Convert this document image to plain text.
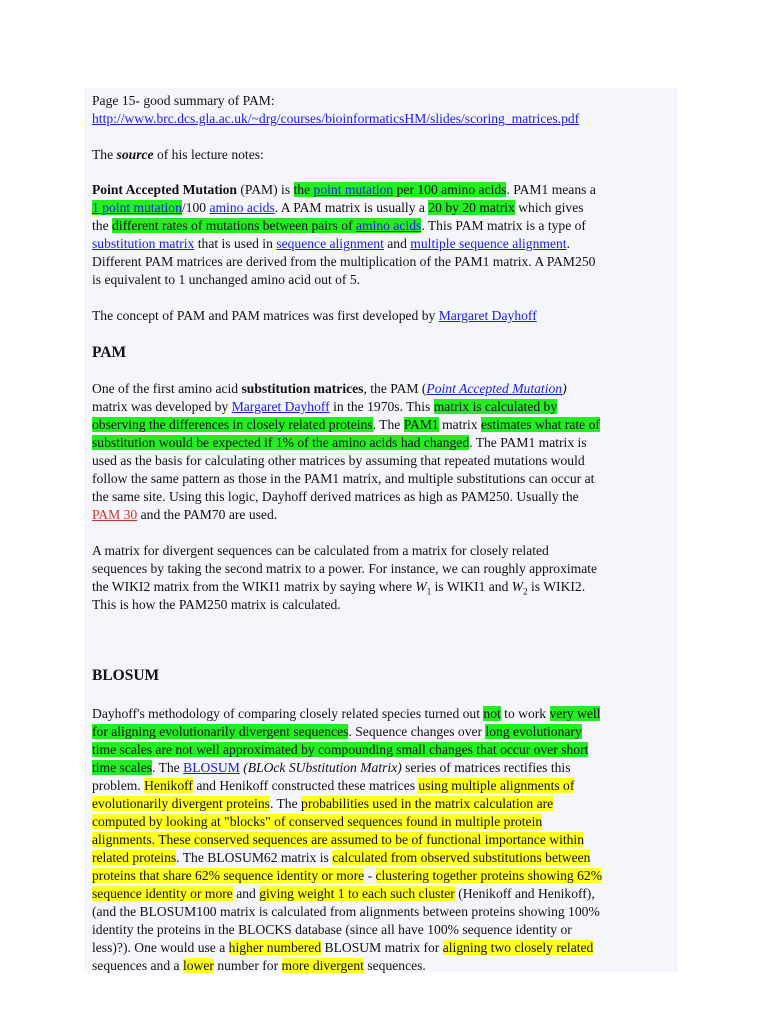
Page 15- good summary of PAM:

http://www.brc.dcs.gla.ac.uk/~drg/courses/bioinformaticsHM/slides/scoring_matrices.pdf

The source of his lecture notes:

Point Accepted Mutation (PAM) is the point mutation per 100 amino acids. PAM1 means a

1 point mutation/100 amino acids. A PAM matrix is usually a 20 by 20 matrix which gives

the different rates of mutations between pairs of amino acids. This PAM matrix is a type of

substitution matrix that is used in sequence alignment and multiple sequence alignment.

Different PAM matrices are derived from the multiplication of the PAM1 matrix. A PAM250

is equivalent to 1 unchanged amino acid out of 5.

The concept of PAM and PAM matrices was first developed by Margaret Dayhoff

PAM

One of the first amino acid substitution matrices, the PAM (Point Accepted Mutation)

matrix was developed by Margaret Dayhoff in the 1970s. This matrix is calculated by

observing the differences in closely related proteins. The PAM1 matrix estimates what rate of

substitution would be expected if 1% of the amino acids had changed. The PAM1 matrix is

used as the basis for calculating other matrices by assuming that repeated mutations would

follow the same pattern as those in the PAM1 matrix, and multiple substitutions can occur at

the same site. Using this logic, Dayhoff derived matrices as high as PAM250. Usually the

PAM 30 and the PAM70 are used.

A matrix for divergent sequences can be calculated from a matrix for closely related

sequences by taking the second matrix to a power. For instance, we can roughly approximate

the WIKI2 matrix from the WIKI1 matrix by saying where $W_1$ is WIKI1 and $W_2$ is WIKI2.

This is how the PAM250 matrix is calculated.

BLOSUM

Dayhoff's methodology of comparing closely related species turned out not to work very well

for aligning evolutionarily divergent sequences. Sequence changes over long evolutionary

time scales are not well approximated by compounding small changes that occur over short

time scales. The BLOSUM (BLOck SUbstitution Matrix) series of matrices rectifies this

problem. Henikoff and Henikoff constructed these matrices using multiple alignments of

evolutionarily divergent proteins. The probabilities used in the matrix calculation are

computed by looking at "blocks" of conserved sequences found in multiple protein

alignments. These conserved sequences are assumed to be of functional importance within

related proteins. The BLOSUM62 matrix is calculated from observed substitutions between

proteins that share 62% sequence identity or more - clustering together proteins showing 62%

sequence identity or more and giving weight 1 to each such cluster (Henikoff and Henikoff),

(and the BLOSUM100 matrix is calculated from alignments between proteins showing 100%

identity the proteins in the BLOCKS database (since all have 100% sequence identity or

less)?). One would use a higher numbered BLOSUM matrix for aligning two closely related

sequences and a lower number for more divergent sequences.
